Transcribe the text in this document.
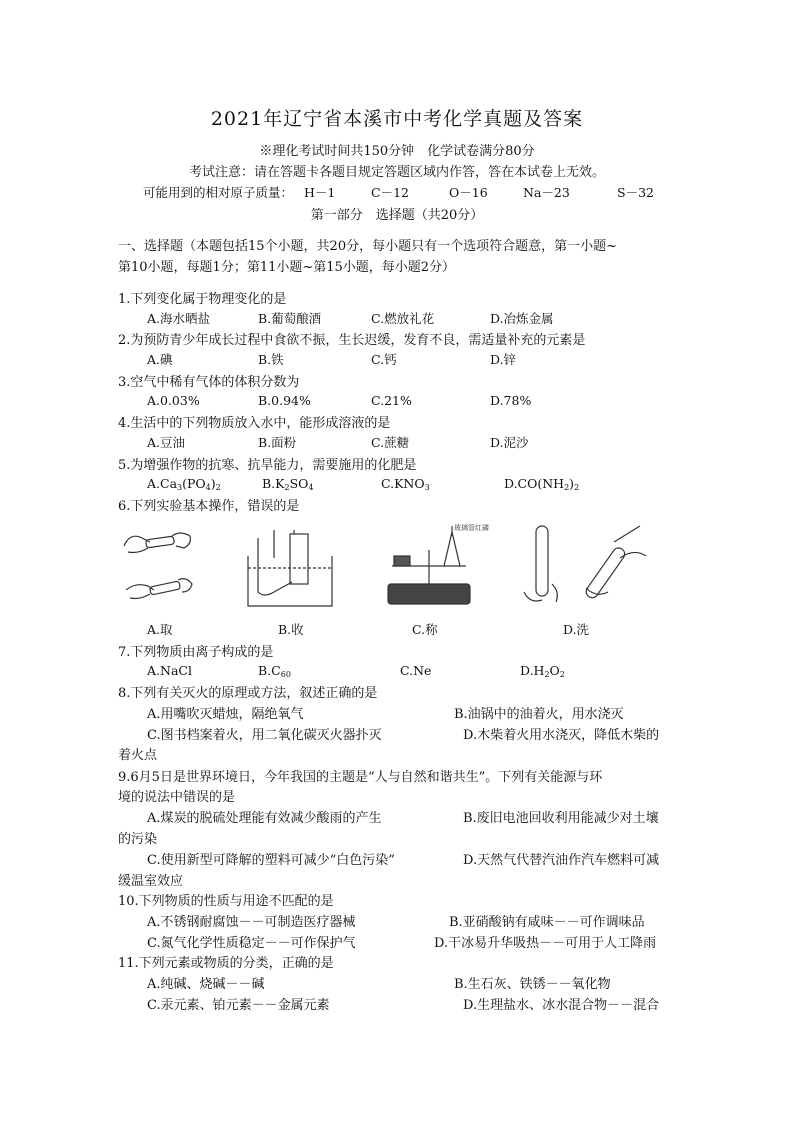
2021年辽宁省本溪市中考化学真题及答案
※理化考试时间共150分钟　化学试卷满分80分
考试注意：请在答题卡各题目规定答题区域内作答，答在本试卷上无效。
可能用到的相对原子质量： H－1	C－12	O－16	Na－23	S－32
第一部分　选择题（共20分）
一、选择题（本题包括15个小题，共20分，每小题只有一个选项符合题意，第一小题~
第10小题，每题1分；第11小题~第15小题，每小题2分）
1.下列变化属于物理变化的是
A.海水晒盐	B.葡萄酿酒	C.燃放礼花	D.冶炼金属
2.为预防青少年成长过程中食欲不振，生长迟缓，发育不良，需适量补充的元素是
A.碘	B.铁	C.钙	D.锌
3.空气中稀有气体的体积分数为
A.0.03%	B.0.94%	C.21%	D.78%
4.生活中的下列物质放入水中，能形成溶液的是
A.豆油	B.面粉	C.蔗糖	D.泥沙
5.为增强作物的抗寒、抗旱能力，需要施用的化肥是
$A.Ca_3(PO_4)_2$	$B.K_2SO_4$	$C.KNO_3$	$D.CO(NH_2)_2$
6.下列实验基本操作，错误的是
玻璃管红磷
A.取	B.收	C.称	D.洗
7.下列物质由离子构成的是
A.NaCl	$B.C_{60}$	C.Ne	$D.H_2O_2$
8.下列有关灭火的原理或方法，叙述正确的是
A.用嘴吹灭蜡烛，隔绝氧气	B.油锅中的油着火，用水浇灭
C.图书档案着火，用二氧化碳灭火器扑灭	D.木柴着火用水浇灭，降低木柴的
着火点
9.6月5日是世界环境日，今年我国的主题是“人与自然和谐共生”。下列有关能源与环
境的说法中错误的是
A.煤炭的脱硫处理能有效减少酸雨的产生	B.废旧电池回收利用能减少对土壤
的污染
C.使用新型可降解的塑料可减少“白色污染”	D.天然气代替汽油作汽车燃料可减
缓温室效应
10.下列物质的性质与用途不匹配的是
A.不锈钢耐腐蚀－－可制造医疗器械	B.亚硝酸钠有咸味－－可作调味品
C.氮气化学性质稳定－－可作保护气	D.干冰易升华吸热－－可用于人工降雨
11.下列元素或物质的分类，正确的是
A.纯碱、烧碱－－碱	B.生石灰、铁锈－－氧化物
C.汞元素、铂元素－－金属元素	D.生理盐水、冰水混合物－－混合
